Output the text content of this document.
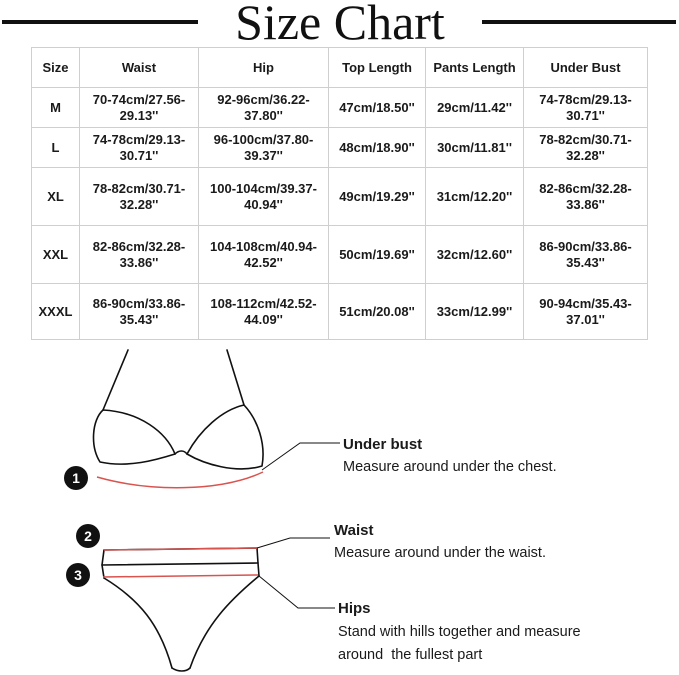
Size Chart
Size	Waist	Hip	Top Length	Pants Length	Under Bust
M	70-74cm/27.56-29.13''	92-96cm/36.22-37.80''	47cm/18.50''	29cm/11.42''	74-78cm/29.13-30.71''
L	74-78cm/29.13-30.71''	96-100cm/37.80-39.37''	48cm/18.90''	30cm/11.81''	78-82cm/30.71-32.28''
XL	78-82cm/30.71-32.28''	100-104cm/39.37-40.94''	49cm/19.29''	31cm/12.20''	82-86cm/32.28-33.86''
XXL	82-86cm/32.28-33.86''	104-108cm/40.94-42.52''	50cm/19.69''	32cm/12.60''	86-90cm/33.86-35.43''
XXXL	86-90cm/33.86-35.43''	108-112cm/42.52-44.09''	51cm/20.08''	33cm/12.99''	90-94cm/35.43-37.01''
1
2
3
Under bust
Measure around under the chest.
Waist
Measure around under the waist.
Hips
Stand with hills together and measure
around  the fullest part
